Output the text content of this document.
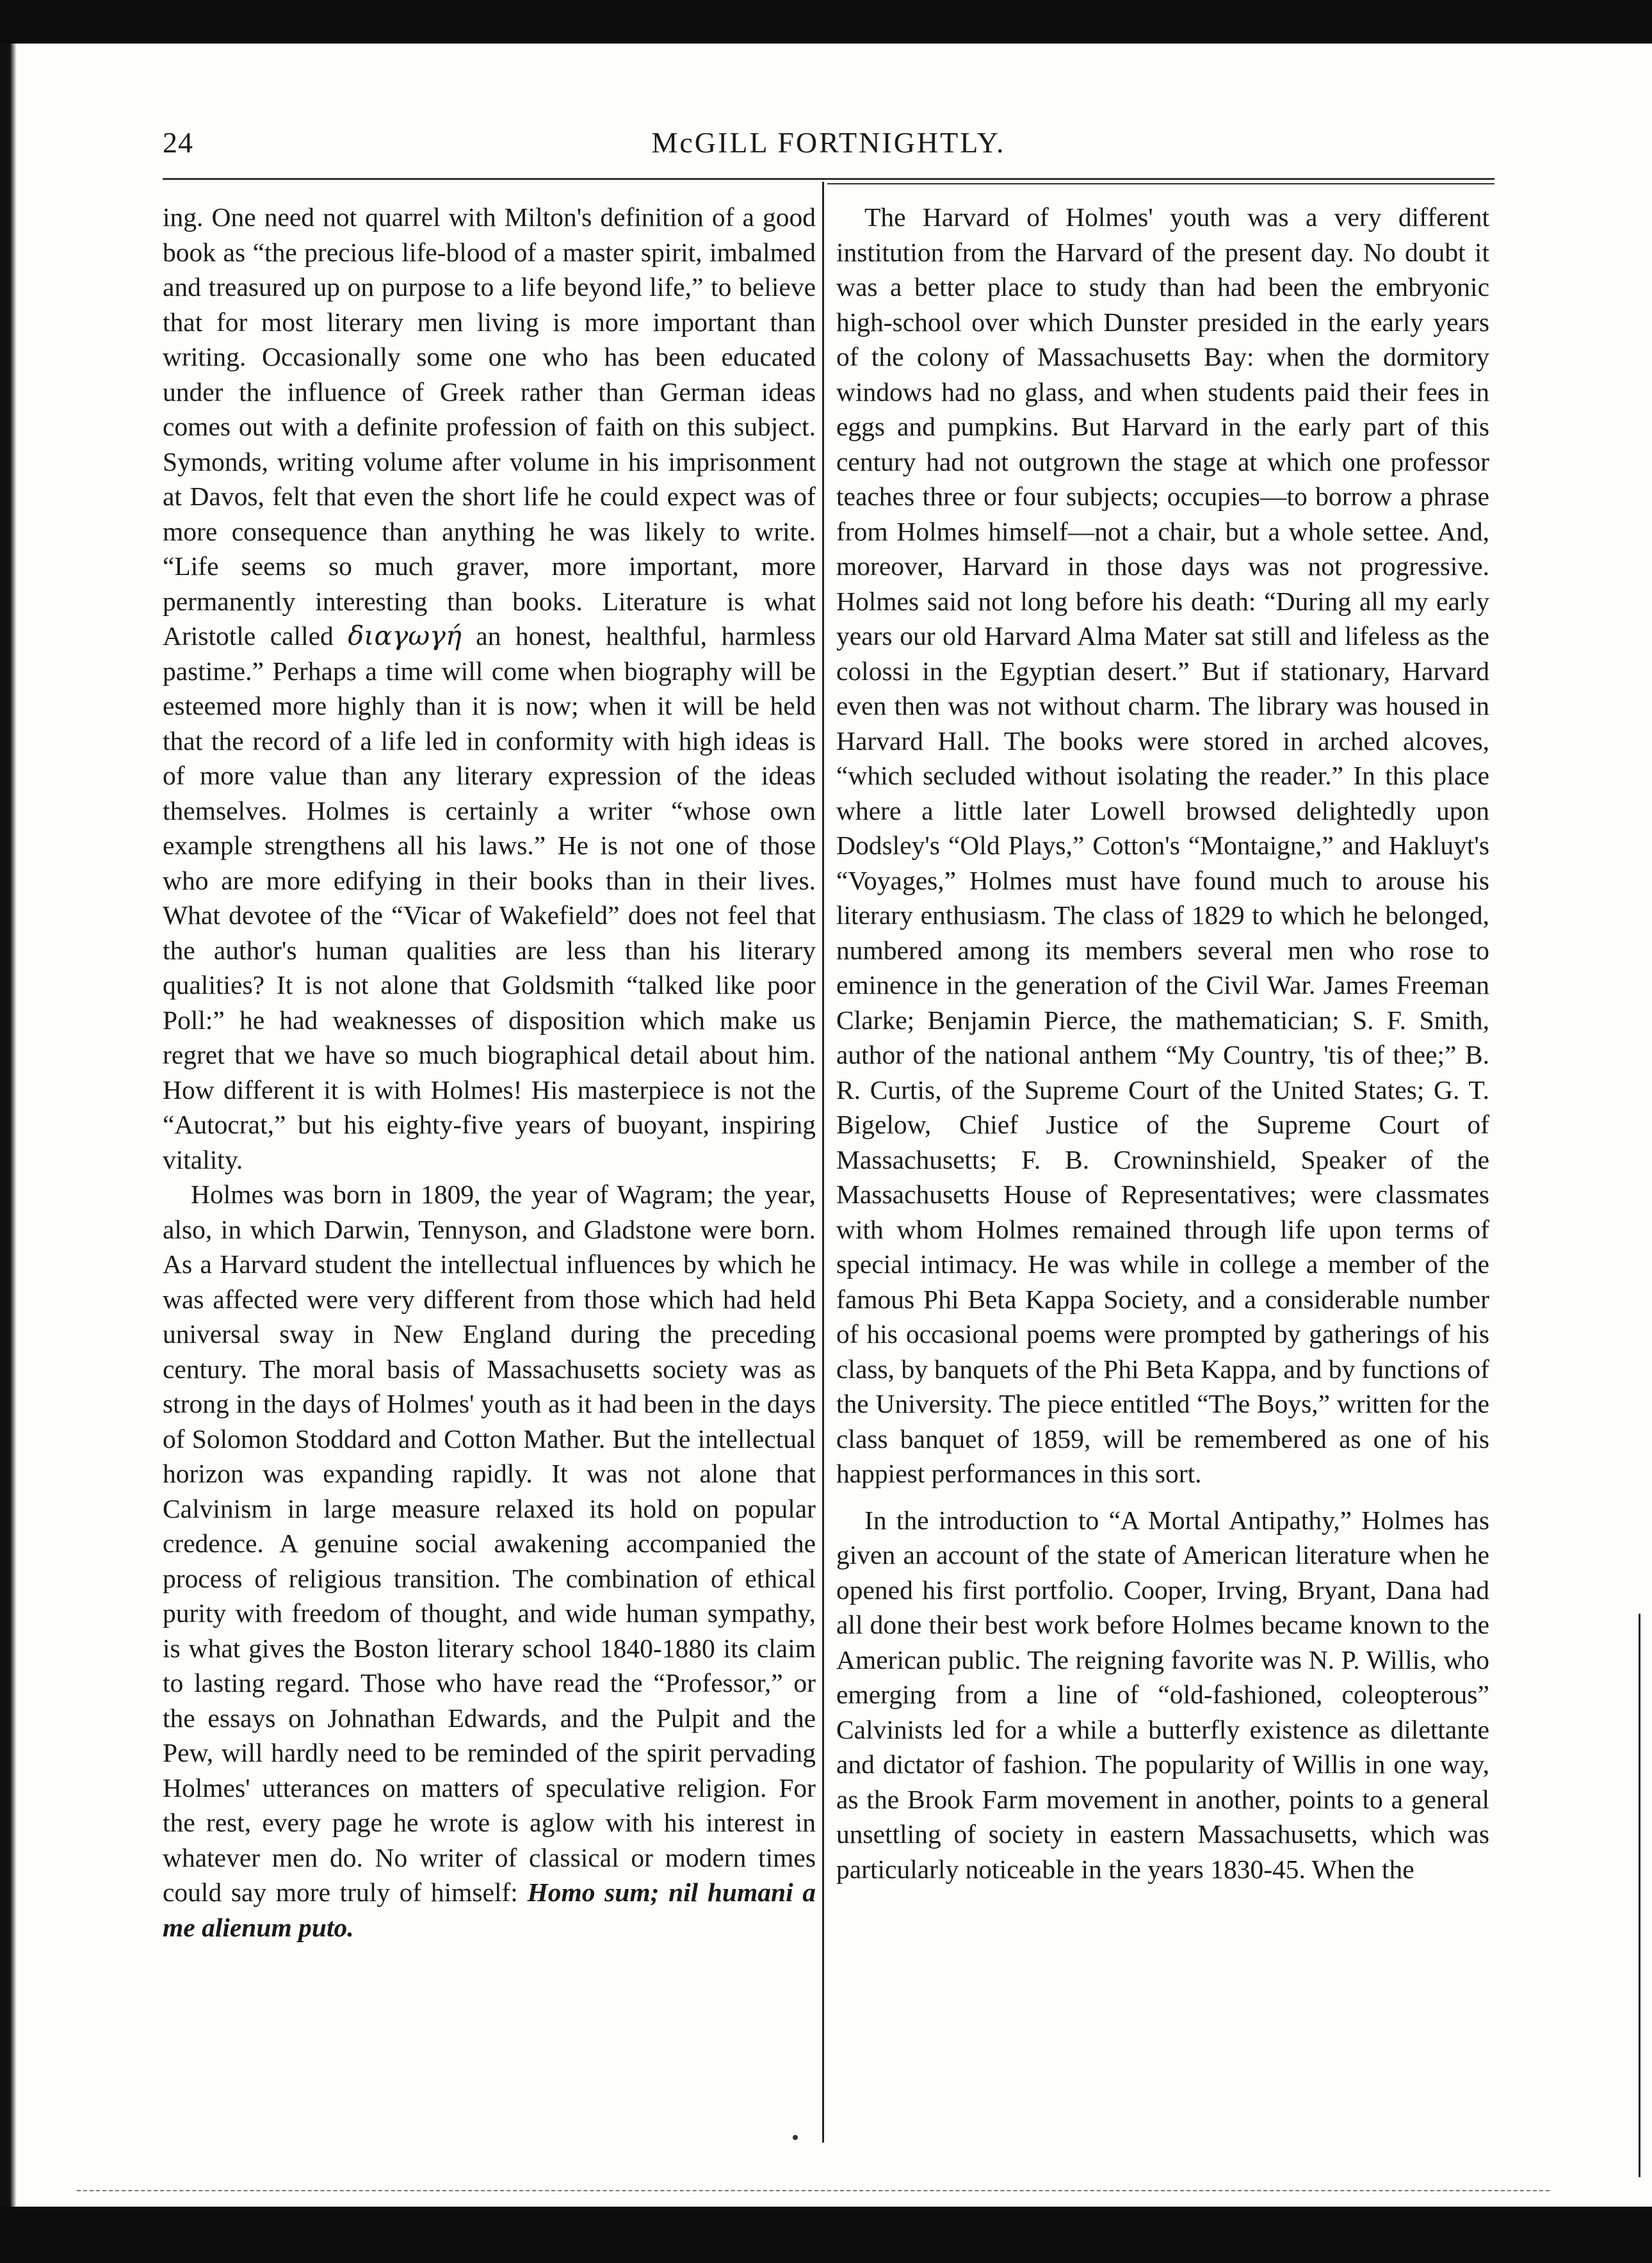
McGILL FORTNIGHTLY.
24

ing. One need not quarrel with Milton's definition of a good book as “the precious life-blood of a master spirit, imbalmed and treasured up on purpose to a life beyond life,” to believe that for most literary men living is more important than writing. Occasionally some one who has been educated under the influence of Greek rather than German ideas comes out with a definite profession of faith on this subject. Symonds, writing volume after volume in his imprisonment at Davos, felt that even the short life he could expect was of more consequence than anything he was likely to write. “Life seems so much graver, more important, more permanently interesting than books. Literature is what Aristotle called διαγωγή an honest, healthful, harmless pastime.” Perhaps a time will come when biography will be esteemed more highly than it is now; when it will be held that the record of a life led in conformity with high ideas is of more value than any literary expression of the ideas themselves. Holmes is certainly a writer “whose own example strengthens all his laws.” He is not one of those who are more edifying in their books than in their lives. What devotee of the “Vicar of Wakefield” does not feel that the author's human qualities are less than his literary qualities? It is not alone that Goldsmith “talked like poor Poll:” he had weaknesses of disposition which make us regret that we have so much biographical detail about him. How different it is with Holmes! His masterpiece is not the “Autocrat,” but his eighty-five years of buoyant, inspiring vitality.

Holmes was born in 1809, the year of Wagram; the year, also, in which Darwin, Tennyson, and Gladstone were born. As a Harvard student the intellectual influences by which he was affected were very different from those which had held universal sway in New England during the preceding century. The moral basis of Massachusetts society was as strong in the days of Holmes' youth as it had been in the days of Solomon Stoddard and Cotton Mather. But the intellectual horizon was expanding rapidly. It was not alone that Calvinism in large measure relaxed its hold on popular credence. A genuine social awakening accompanied the process of religious transition. The combination of ethical purity with freedom of thought, and wide human sympathy, is what gives the Boston literary school 1840-1880 its claim to lasting regard. Those who have read the “Professor,” or the essays on Johnathan Edwards, and the Pulpit and the Pew, will hardly need to be reminded of the spirit pervading Holmes' utterances on matters of speculative religion. For the rest, every page he wrote is aglow with his interest in whatever men do. No writer of classical or modern times could say more truly of himself: Homo sum; nil humani a me alienum puto.

The Harvard of Holmes' youth was a very different institution from the Harvard of the present day. No doubt it was a better place to study than had been the embryonic high-school over which Dunster presided in the early years of the colony of Massachusetts Bay: when the dormitory windows had no glass, and when students paid their fees in eggs and pumpkins. But Harvard in the early part of this century had not outgrown the stage at which one professor teaches three or four subjects; occupies—to borrow a phrase from Holmes himself—not a chair, but a whole settee. And, moreover, Harvard in those days was not progressive. Holmes said not long before his death: “During all my early years our old Harvard Alma Mater sat still and lifeless as the colossi in the Egyptian desert.” But if stationary, Harvard even then was not without charm. The library was housed in Harvard Hall. The books were stored in arched alcoves, “which secluded without isolating the reader.” In this place where a little later Lowell browsed delightedly upon Dodsley's “Old Plays,” Cotton's “Montaigne,” and Hakluyt's “Voyages,” Holmes must have found much to arouse his literary enthusiasm. The class of 1829 to which he belonged, numbered among its members several men who rose to eminence in the generation of the Civil War. James Freeman Clarke; Benjamin Pierce, the mathematician; S. F. Smith, author of the national anthem “My Country, 'tis of thee;” B. R. Curtis, of the Supreme Court of the United States; G. T. Bigelow, Chief Justice of the Supreme Court of Massachusetts; F. B. Crowninshield, Speaker of the Massachusetts House of Representatives; were classmates with whom Holmes remained through life upon terms of special intimacy. He was while in college a member of the famous Phi Beta Kappa Society, and a considerable number of his occasional poems were prompted by gatherings of his class, by banquets of the Phi Beta Kappa, and by functions of the University. The piece entitled “The Boys,” written for the class banquet of 1859, will be remembered as one of his happiest performances in this sort.

In the introduction to “A Mortal Antipathy,” Holmes has given an account of the state of American literature when he opened his first portfolio. Cooper, Irving, Bryant, Dana had all done their best work before Holmes became known to the American public. The reigning favorite was N. P. Willis, who emerging from a line of “old-fashioned, coleopterous” Calvinists led for a while a butterfly existence as dilettante and dictator of fashion. The popularity of Willis in one way, as the Brook Farm movement in another, points to a general unsettling of society in eastern Massachusetts, which was particularly noticeable in the years 1830-45. When the
